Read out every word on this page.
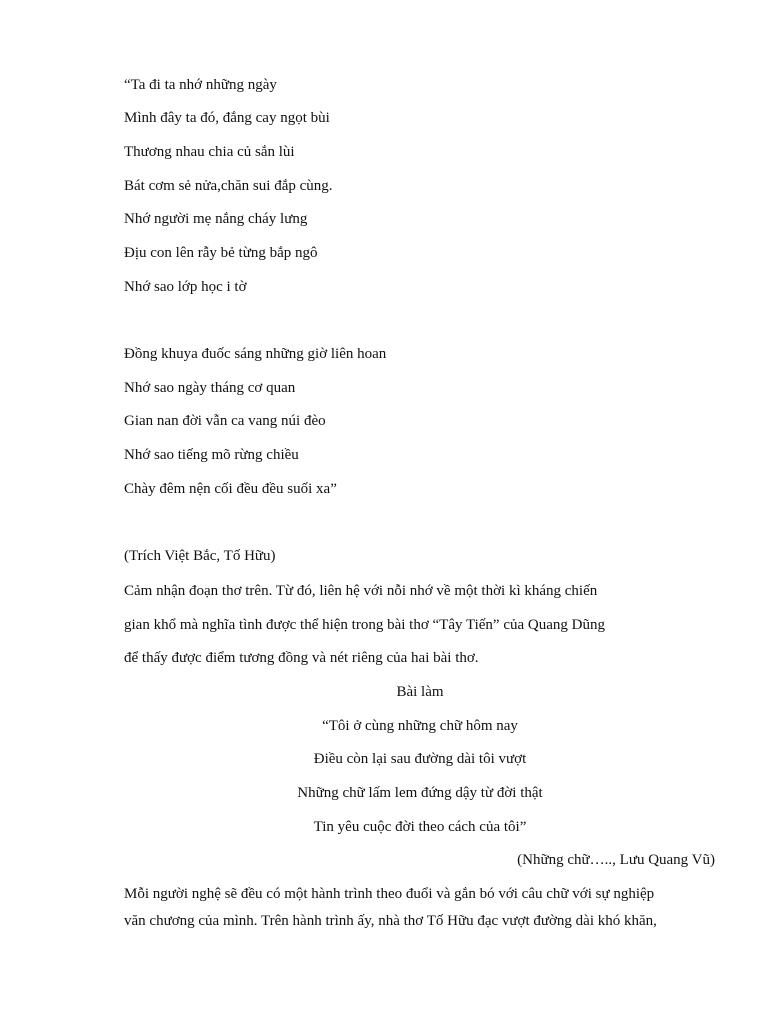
“Ta đi ta nhớ những ngày
Mình đây ta đó, đắng cay ngọt bùi
Thương nhau chia củ sắn lùi
Bát cơm sẻ nửa,chăn sui đắp cùng.
Nhớ người mẹ nắng cháy lưng
Địu con lên rẫy bẻ từng bắp ngô
Nhớ sao lớp học i tờ
Đồng khuya đuốc sáng những giờ liên hoan
Nhớ sao ngày tháng cơ quan
Gian nan đời vẫn ca vang núi đèo
Nhớ sao tiếng mõ rừng chiều
Chày đêm nện cối đều đều suối xa”
(Trích Việt Bắc, Tố Hữu)
Cảm nhận đoạn thơ trên. Từ đó, liên hệ với nỗi nhớ về một thời kì kháng chiến
gian khổ mà nghĩa tình được thể hiện trong bài thơ “Tây Tiến” của Quang Dũng
để thấy được điểm tương đồng và nét riêng của hai bài thơ.
Bài làm
“Tôi ở cùng những chữ hôm nay
Điều còn lại sau đường dài tôi vượt
Những chữ lấm lem đứng dậy từ đời thật
Tin yêu cuộc đời theo cách của tôi”
(Những chữ….., Lưu Quang Vũ)
Mỗi người nghệ sẽ đều có một hành trình theo đuổi và gắn bó với câu chữ với sự nghiệp
văn chương của mình. Trên hành trình ấy, nhà thơ Tố Hữu đạc vượt đường dài khó khăn,
